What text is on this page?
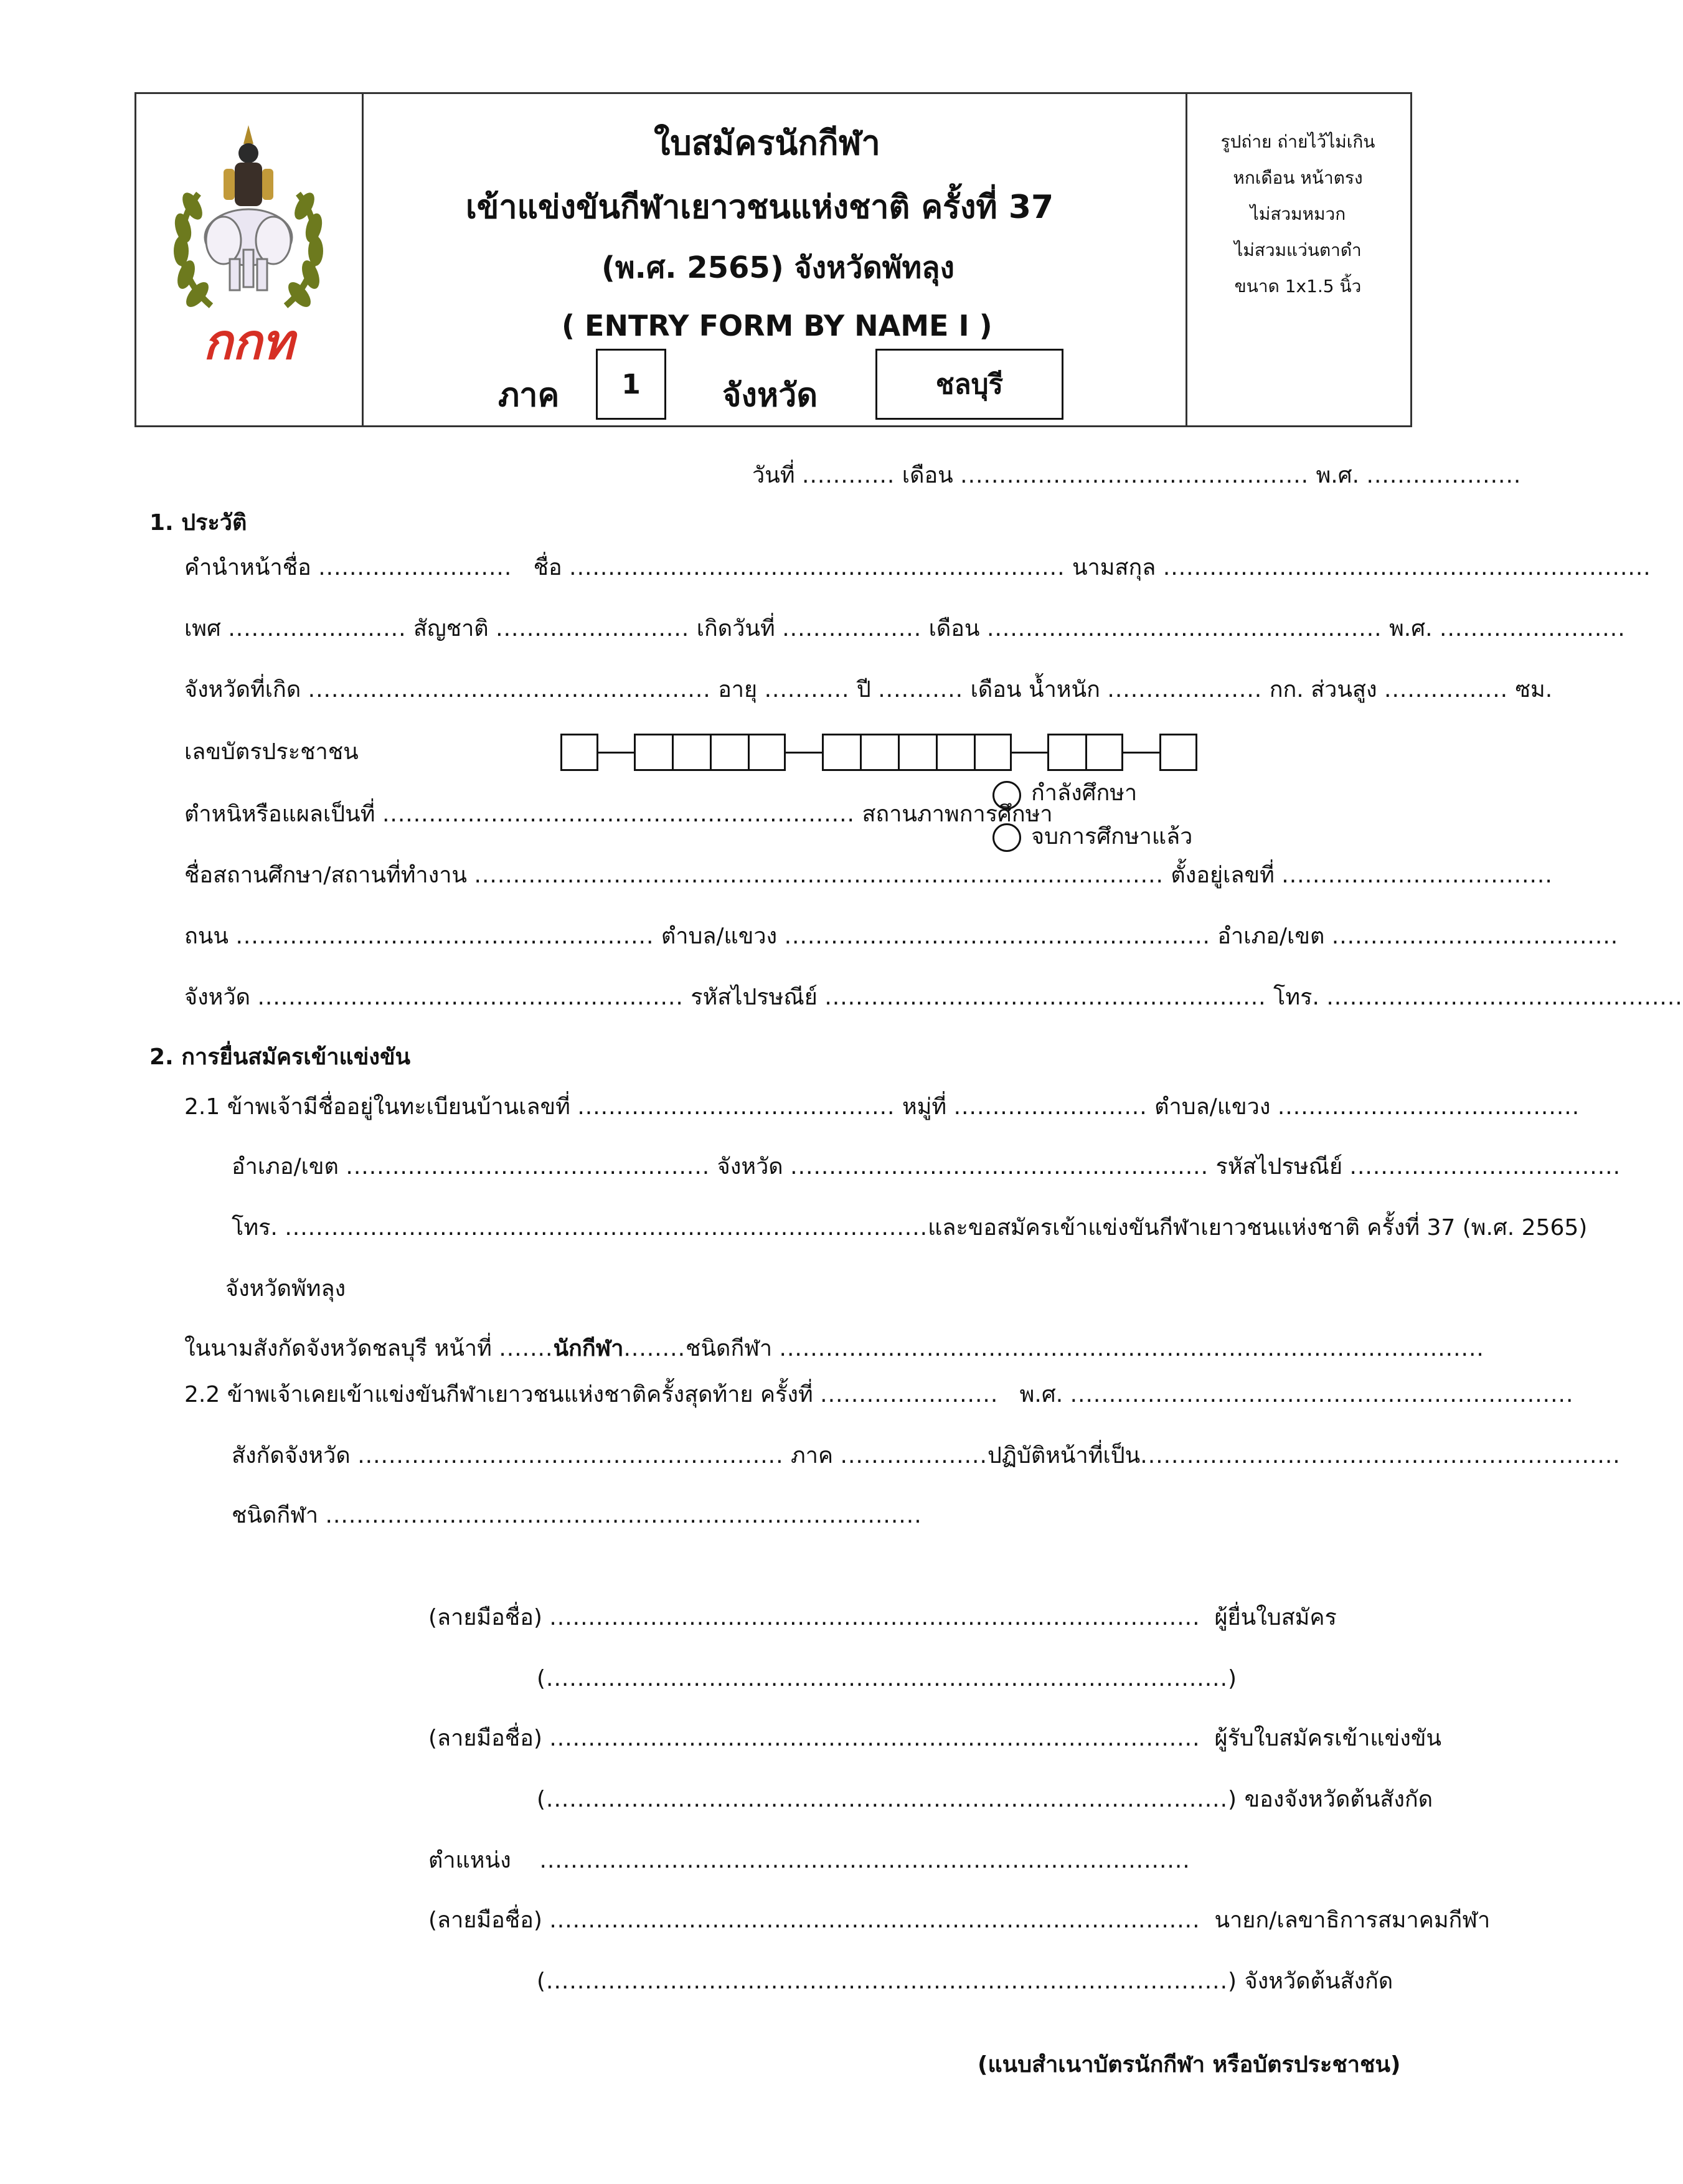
กกท
รูปถ่าย ถ่ายไว้ไม่เกิน
หกเดือน หน้าตรง
ไม่สวมหมวก
ไม่สวมแว่นตาดำ
ขนาด 1x1.5 นิ้ว
ใบสมัครนักกีฬา
เข้าแข่งขันกีฬาเยาวชนแห่งชาติ ครั้งที่ 37
(พ.ศ. 2565) จังหวัดพัทลุง
( ENTRY FORM BY NAME I )
ภาค	1	จังหวัด	ชลบุรี
วันที่ ............ เดือน ............................................. พ.ศ. ....................
1. ประวัติ
คำนำหน้าชื่อ ......................... ชื่อ ................................................................ นามสกุล ...............................................................
เพศ ....................... สัญชาติ ......................... เกิดวันที่ .................. เดือน ................................................... พ.ศ. ........................
จังหวัดที่เกิด .................................................... อายุ ........... ปี ........... เดือน น้ำหนัก .................... กก. ส่วนสูง ................ ซม.
เลขบัตรประชาชน
ตำหนิหรือแผลเป็นที่ ............................................................. สถานภาพการศึกษา
กำลังศึกษา
จบการศึกษาแล้ว
ชื่อสถานศึกษา/สถานที่ทำงาน ......................................................................................... ตั้งอยู่เลขที่ ...................................
ถนน ...................................................... ตำบล/แขวง ....................................................... อำเภอ/เขต .....................................
จังหวัด ....................................................... รหัสไปรษณีย์ ......................................................... โทร. ..............................................
2. การยื่นสมัครเข้าแข่งขัน
2.1 ข้าพเจ้ามีชื่ออยู่ในทะเบียนบ้านเลขที่ ......................................... หมู่ที่ ......................... ตำบล/แขวง .......................................
อำเภอ/เขต ............................................... จังหวัด ...................................................... รหัสไปรษณีย์ ...................................
โทร. ...................................................................................และขอสมัครเข้าแข่งขันกีฬาเยาวชนแห่งชาติ ครั้งที่ 37 (พ.ศ. 2565)
จังหวัดพัทลุง
ในนามสังกัดจังหวัดชลบุรี หน้าที่ .......นักกีฬา........ชนิดกีฬา ...........................................................................................
2.2 ข้าพเจ้าเคยเข้าแข่งขันกีฬาเยาวชนแห่งชาติครั้งสุดท้าย ครั้งที่ ....................... พ.ศ. .................................................................
สังกัดจังหวัด ....................................................... ภาค ...................ปฏิบัติหน้าที่เป็น..............................................................
ชนิดกีฬา .............................................................................
(ลายมือชื่อ) .................................................................................... ผู้ยื่นใบสมัคร
(........................................................................................)
(ลายมือชื่อ) .................................................................................... ผู้รับใบสมัครเข้าแข่งขัน
(........................................................................................) ของจังหวัดต้นสังกัด
ตำแหน่ง ....................................................................................
(ลายมือชื่อ) .................................................................................... นายก/เลขาธิการสมาคมกีฬา
(........................................................................................) จังหวัดต้นสังกัด
(แนบสำเนาบัตรนักกีฬา หรือบัตรประชาชน)
